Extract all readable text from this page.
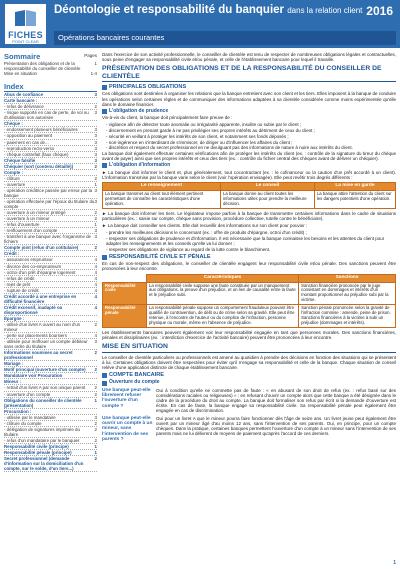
FICHES
POINT CLEAR
Déontologie et responsabilité du banquier dans la relation client 2016
Opérations bancaires courantes
Sommaire	Pages
Présentation des obligations et de la responsabilité du conseiller de clientèle
1
Mise en situation	1-4
Index
Abus de confiance	3
Carte bancaire :
- refus de délivrance	2
- risque supporté en cas de perte, de vol ou d'utilisation non autorisée
3
Chèque :
- endossement plusieurs bénéficiaires	3
- opposition au paiement	3
- paiement en cas de...	3
- reproduction recto-verso	3
- chèque contrefait (faux chèque)	3
Chèque falsifié	3
Chéquier (sort (contenu détaillé))	2
Compte :
- clôture	2
- ouverture	1
- opération créditrice passée par erreur par la banque
3
- opération effectuée par l'époux du titulaire du compte
3
- ouverture à un mineur protégé	2
- ouverture à un mineur	2
- refus d'ouverture	1
- renflouement d'un compte	3
- transfert à une banque avec l'organisme de fichiers
3
Compte joint (refus d'un cotitulaire)	2
Crédit :
- assurances emprunteur	4
- divorce des co-emprunteurs	4
- octroi d'un prêt d'épargne logement	4
- refus de crédit	4
- rejet de prêt	4
- rupture de crédit	4
Crédit accordé à une entreprise en difficulté financière
4
Crédit excessif, inadapté ou disproportionné
4
Épargne :
- utilisé d'un livret A ouvert au nom d'un mineur
2
- perte sur placements boursiers	4
- utilisée pour renflouer un compte débiteur sans ordre du titulaire
3
Informations soumises au secret professionnel
2
Mariage :
Motif principal (ouverture d'un compte) 2
Mandataire voir Procuration
Mineur :
- retrait d'un livret A par son unique parent 2
- ouverture d'un compte	2
Obligations du conseiller de clientèle (présentation)
1
Procuration :
- utilisée par le mandataire	3
- clôture du compte	2
- délégation de signatures imprimée du titulaire
2
- refus d'un mandataire par le banquier	2
Responsabilité civile (principe)	1
Responsabilité pénale (principe)	1
Secret professionnel (demande d'information sur la domiciliation d'un compte, sur le solde, d'un tiers...)
2

Dans l'exercice de son activité professionnelle, le conseiller de clientèle est tenu de respecter de nombreuses obligations légales et contractuelles, sous peine d'engager sa responsabilité civile et/ou pénale, et celle de l'établissement bancaire pour lequel il travaille.

PRÉSENTATION DES OBLIGATIONS ET DE LA RESPONSABILITÉ DU CONSEILLER DE CLIENTÈLE
PRINCIPALES OBLIGATIONS

Ces obligations sont destinées à organiser les relations que la banque entretient avec son client et les tiers. Elles imposent à la banque de conduire les opérations selon certaines règles et de communiquer des informations adaptées à sa clientèle considérée comme moins expérimentée qu'elle dans le domaine financier.

L'obligation de prudence

Vis-à-vis du client, la banque doit principalement faire preuve de :

- vigilance afin de détecter toute anomalie ou irrégularité apparente, insolite ou subie par le client ;
- discernement en prenant garde à ne pas privilégier ses propres intérêts au détriment de ceux du client ;
- sécurité en veillant à protéger les intérêts de son client, et notamment ses fonds déposés ;
- non-ingérence en s'interdisant de s'immiscer, de diriger ou d'influencer les affaires du client ;
- discrétion et respect du secret professionnel en ne divulguant pas des informations de nature à nuire aux intérêts du client.

La banque doit également effectuer certaines vérifications afin de protéger les intérêts du client (ex. : contrôle de la signature du tireur du chèque avant de payer) ainsi que ses propres intérêts et ceux des tiers (ex. : contrôle du fichier central des chèques avant de délivrer un chéquier).

L'obligation d'information

► La banque doit informer le client et, plus généralement, tout cocontractant (ex. : le cofinanceur ou la caution d'un prêt accordé à un client). L'information transmise par la banque varie selon le client (voir l'opération envisagée). Elle peut revêtir trois degrés différents :

Le renseignement	Le conseil	La mise en garde
La banque transmet au client tout élément pertinent permettant de connaître les caractéristiques d'une opération.	La banque donne au client toutes les informations utiles pour prendre la meilleure décision.	La banque attire l'attention du client sur les dangers potentiels d'une opération.

► La banque doit informer les tiers. Le législateur impose parfois à la banque de transmettre certaines informations dans le cadre de situations particulières (ex. : saisie sur compte, chèque sans provision, procédure collective, tutelle contre le bénéficiaire).

► La banque doit conseiller ses clients. Elle doit recueillir des informations sur son client pour pouvoir :

- prendre les meilleures décisions le concernant (ex. : offre de produits d'épargne, octroi d'un crédit) ;
- respecter ses obligations de prudence et d'information. Il est nécessaire que la banque connaisse les besoins et les attentes du client pour adapter les renseignements et les conseils qu'elle va lui donner ;
- respecter ses obligations de vigilance au regard de la lutte contre le blanchiment.
RESPONSABILITÉ CIVILE ET PÉNALE

En cas de non-respect des obligations, le conseiller de clientèle engagent leur responsabilité civile et/ou pénale. Des sanctions peuvent être prononcées à leur encontre.

	Caractéristiques	Sanctions
Responsabilité civile	La responsabilité civile suppose une faute constituée par un manquement aux obligations, la preuve d'un préjudice, et un lien de causalité entre la faute et le préjudice subi.	Sanction financière prononcée par le juge consistant en dommages et intérêts d'un montant proportionnel au préjudice subi par la victime.
Responsabilité pénale	La responsabilité pénale suppose un comportement frauduleux pouvant être qualifié de contravention, de délit ou de crime selon sa gravité. Elle peut être retenue, à l'encontre de l'auteur ou du complice de l'infraction, personne physique ou morale, même en l'absence de préjudice.	Sanction pénale prononcée selon la gravité de l'infraction commise : amende, peine de prison. Sanctions financières à la victime à subi un préjudice (dommages et intérêts).

Les établissements bancaires peuvent également voir leur responsabilité engagée en tant que personnes morales. Des sanctions financières, pénales et disciplinaires (ex. : interdiction d'exercice de l'activité bancaire) peuvent être prononcées à leur encontre.

MISE EN SITUATION

Le conseiller de clientèle particuliers ou professionnels est amené au quotidien à prendre des décisions en fonction des situations qui se présentent à lui. Certaines obligations doivent être respectées pour éviter qu'il n'engage sa responsabilité et celle de la banque. Chaque situation de conseil relève d'une application distincte de chaque établissement bancaire.

COMPTE BANCAIRE
Ouverture du compte
Une banque peut-elle librement refuser l'ouverture d'un compte ?
Oui à condition qu'elle ne commette pas de faute : « en abusant de son droit de refus (ex. : refus basé sur des considérations raciales ou religieuses) » ; en refusant d'ouvrir un compte alors que cette banque a été désignée dans le cadre de la procédure du droit au compte. La banque doit formaliser son refus par écrit si la demande d'ouverture est écrite. En cas de faute, la banque engage sa responsabilité civile. Sa responsabilité pénale peut également être engagée en cas de discrimination.
Une banque peut-elle ouvrir un compte à un mineur, sans l'intervention de ses parents ?
Oui pour un livret A que le mineur pourra faire fonctionner dès l'âge de seize ans. Un livret jeune peut également être ouvert par un mineur âgé d'au moins 12 ans, sans l'intervention de ses parents. Oui, en principe, pour un compte chèques. Dans la pratique, certaines banques permettent l'ouverture d'un compte à un mineur sans l'intervention de ses parents mais ne lui délivrent de moyens de paiement qu'après l'accord de ces derniers.
1
